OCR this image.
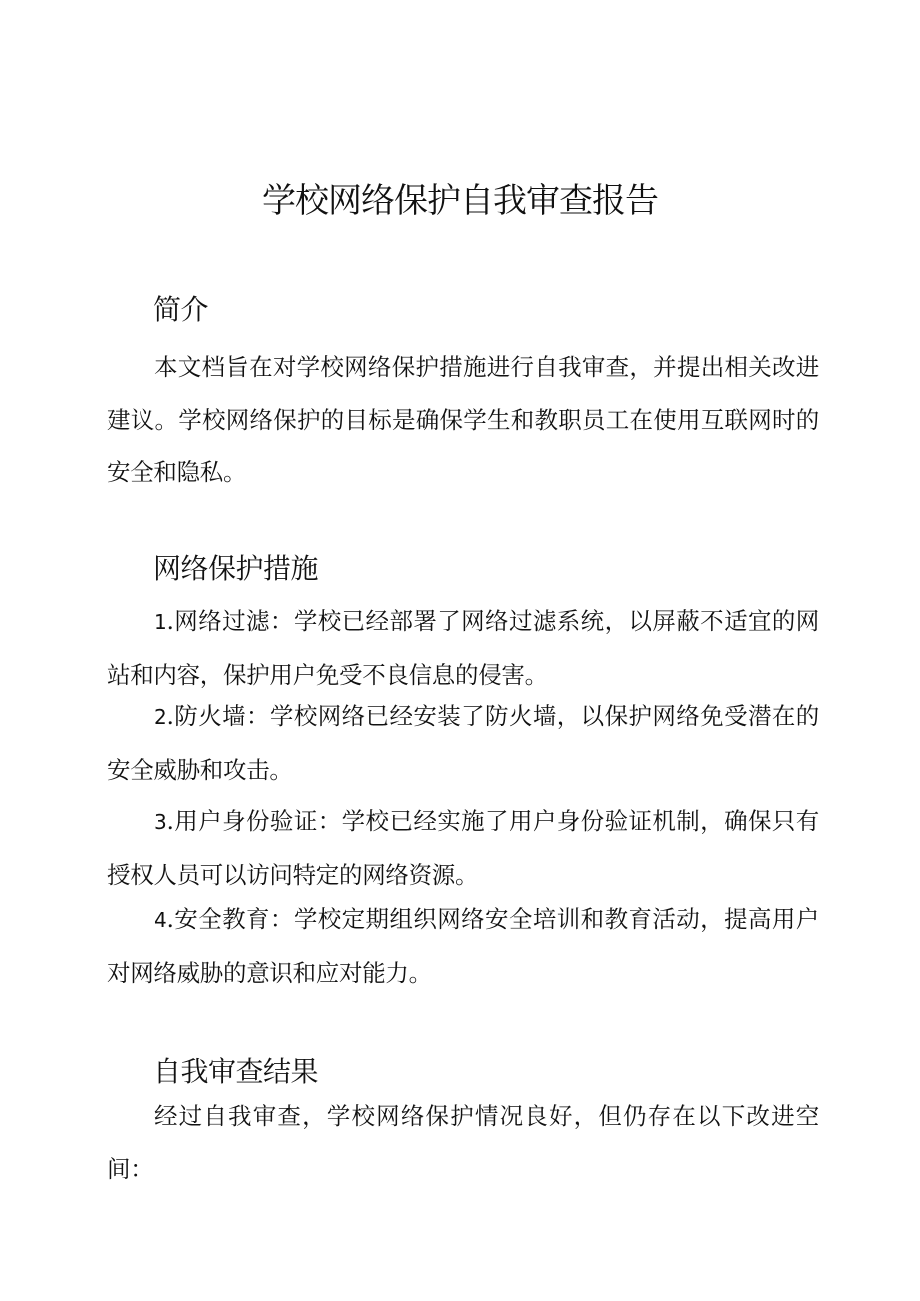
学校网络保护自我审查报告
简介

本文档旨在对学校网络保护措施进行自我审查，并提出相关改进建议。学校网络保护的目标是确保学生和教职员工在使用互联网时的安全和隐私。

网络保护措施

1.网络过滤：学校已经部署了网络过滤系统，以屏蔽不适宜的网站和内容，保护用户免受不良信息的侵害。

2.防火墙：学校网络已经安装了防火墙，以保护网络免受潜在的安全威胁和攻击。

3.用户身份验证：学校已经实施了用户身份验证机制，确保只有授权人员可以访问特定的网络资源。

4.安全教育：学校定期组织网络安全培训和教育活动，提高用户对网络威胁的意识和应对能力。

自我审查结果

经过自我审查，学校网络保护情况良好，但仍存在以下改进空间：
